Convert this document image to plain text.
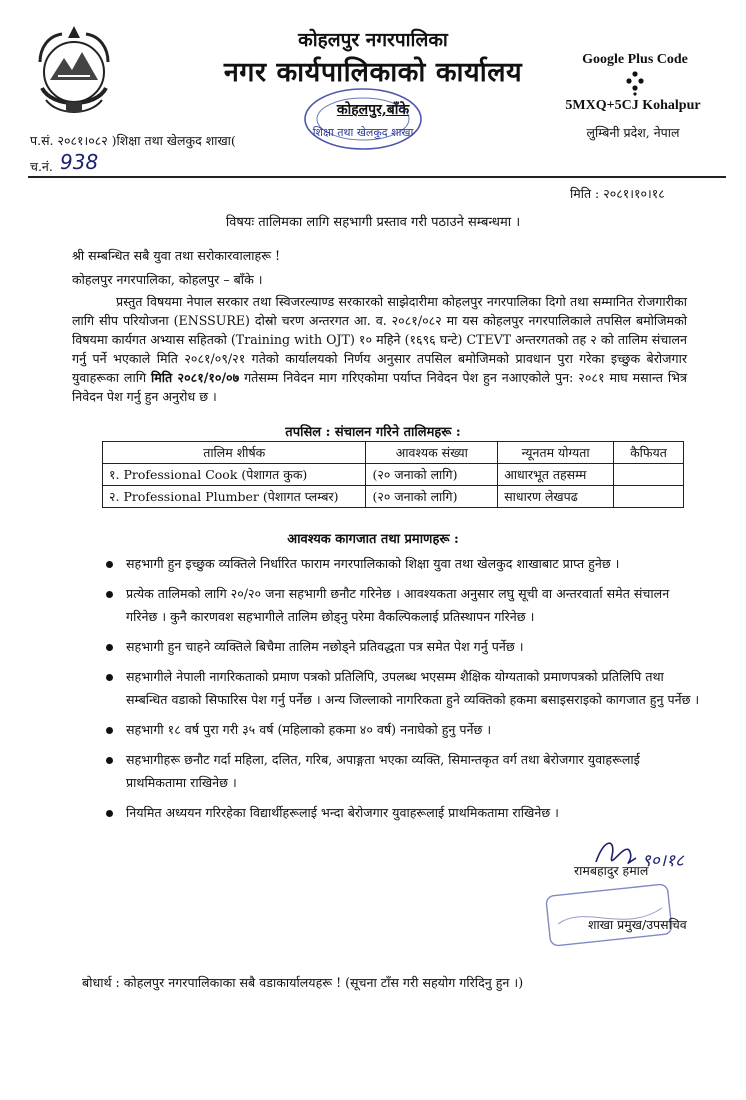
कोहलपुर नगरपालिका
नगर कार्यपालिकाको कार्यालय
कोहलपुर,बाँके
शिक्षा तथा खेलकुद शाखा
Google Plus Code
5MXQ+5CJ Kohalpur
लुम्बिनी प्रदेश, नेपाल
प.सं. २०८१।०८२ )शिक्षा तथा खेलकुद शाखा(
च.नं. 938
मिति : २०८१।१०।१८
विषयः तालिमका लागि सहभागी प्रस्ताव गरी पठाउने सम्बन्धमा ।
श्री सम्बन्धित सबै युवा तथा सरोकारवालाहरू !
कोहलपुर नगरपालिका, कोहलपुर – बाँके ।

प्रस्तुत विषयमा नेपाल सरकार तथा स्विजरल्याण्ड सरकारको साझेदारीमा कोहलपुर नगरपालिका दिगो तथा सम्मानित रोजगारीका लागि सीप परियोजना (ENSSURE) दोस्रो चरण अन्तरगत आ. व. २०८१/०८२ मा यस कोहलपुर नगरपालिकाले तपसिल बमोजिमको विषयमा कार्यगत अभ्यास सहितको (Training with OJT) १० महिने (१६९६ घन्टे) CTEVT अन्तरगतको तह २ को तालिम संचालन गर्नु पर्ने भएकाले मिति २०८१/०९/२१ गतेको कार्यालयको निर्णय अनुसार तपसिल बमोजिमको प्रावधान पुरा गरेका इच्छुक बेरोजगार युवाहरूका लागि मिति २०८१/१०/०७ गतेसम्म निवेदन माग गरिएकोमा पर्याप्त निवेदन पेश हुन नआएकोले पुन: २०८१ माघ मसान्त भित्र निवेदन पेश गर्नु हुन अनुरोध छ ।

तपसिल : संचालन गरिने तालिमहरू :
तालिम शीर्षक	आवश्यक संख्या	न्यूनतम योग्यता	कैफियत
१. Professional Cook (पेशागत कुक)	(२० जनाको लागि)	आधारभूत तहसम्म	
२. Professional Plumber (पेशागत प्लम्बर)	(२० जनाको लागि)	साधारण लेखपढ	
आवश्यक कागजात तथा प्रमाणहरू :
सहभागी हुन इच्छुक व्यक्तिले निर्धारित फाराम नगरपालिकाको शिक्षा युवा तथा खेलकुद शाखाबाट प्राप्त हुनेछ ।
प्रत्येक तालिमको लागि २०/२० जना सहभागी छनौट गरिनेछ । आवश्यकता अनुसार लघु सूची वा अन्तरवार्ता समेत संचालन गरिनेछ । कुनै कारणवश सहभागीले तालिम छोड्नु परेमा वैकल्पिकलाई प्रतिस्थापन गरिनेछ ।
सहभागी हुन चाहने व्यक्तिले बिचैमा तालिम नछोड्ने प्रतिवद्धता पत्र समेत पेश गर्नु पर्नेछ ।
सहभागीले नेपाली नागरिकताको प्रमाण पत्रको प्रतिलिपि, उपलब्ध भएसम्म शैक्षिक योग्यताको प्रमाणपत्रको प्रतिलिपि तथा सम्बन्धित वडाको सिफारिस पेश गर्नु पर्नेछ । अन्य जिल्लाको नागरिकता हुने व्यक्तिको हकमा बसाइसराइको कागजात हुनु पर्नेछ ।
सहभागी १८ वर्ष पुरा गरी ३५ वर्ष (महिलाको हकमा ४० वर्ष) ननाघेको हुनु पर्नेछ ।
सहभागीहरू छनौट गर्दा महिला, दलित, गरिब, अपाङ्गता भएका व्यक्ति, सिमान्तकृत वर्ग तथा बेरोजगार युवाहरूलाई प्राथमिकतामा राखिनेछ ।
नियमित अध्ययन गरिरहेका विद्यार्थीहरूलाई भन्दा बेरोजगार युवाहरूलाई प्राथमिकतामा राखिनेछ ।
९०।१८
रामबहादुर हमाल
शाखा प्रमुख/उपसचिव
बोधार्थ : कोहलपुर नगरपालिकाका सबै वडाकार्यालयहरू ! (सूचना टाँस गरी सहयोग गरिदिनु हुन ।)
